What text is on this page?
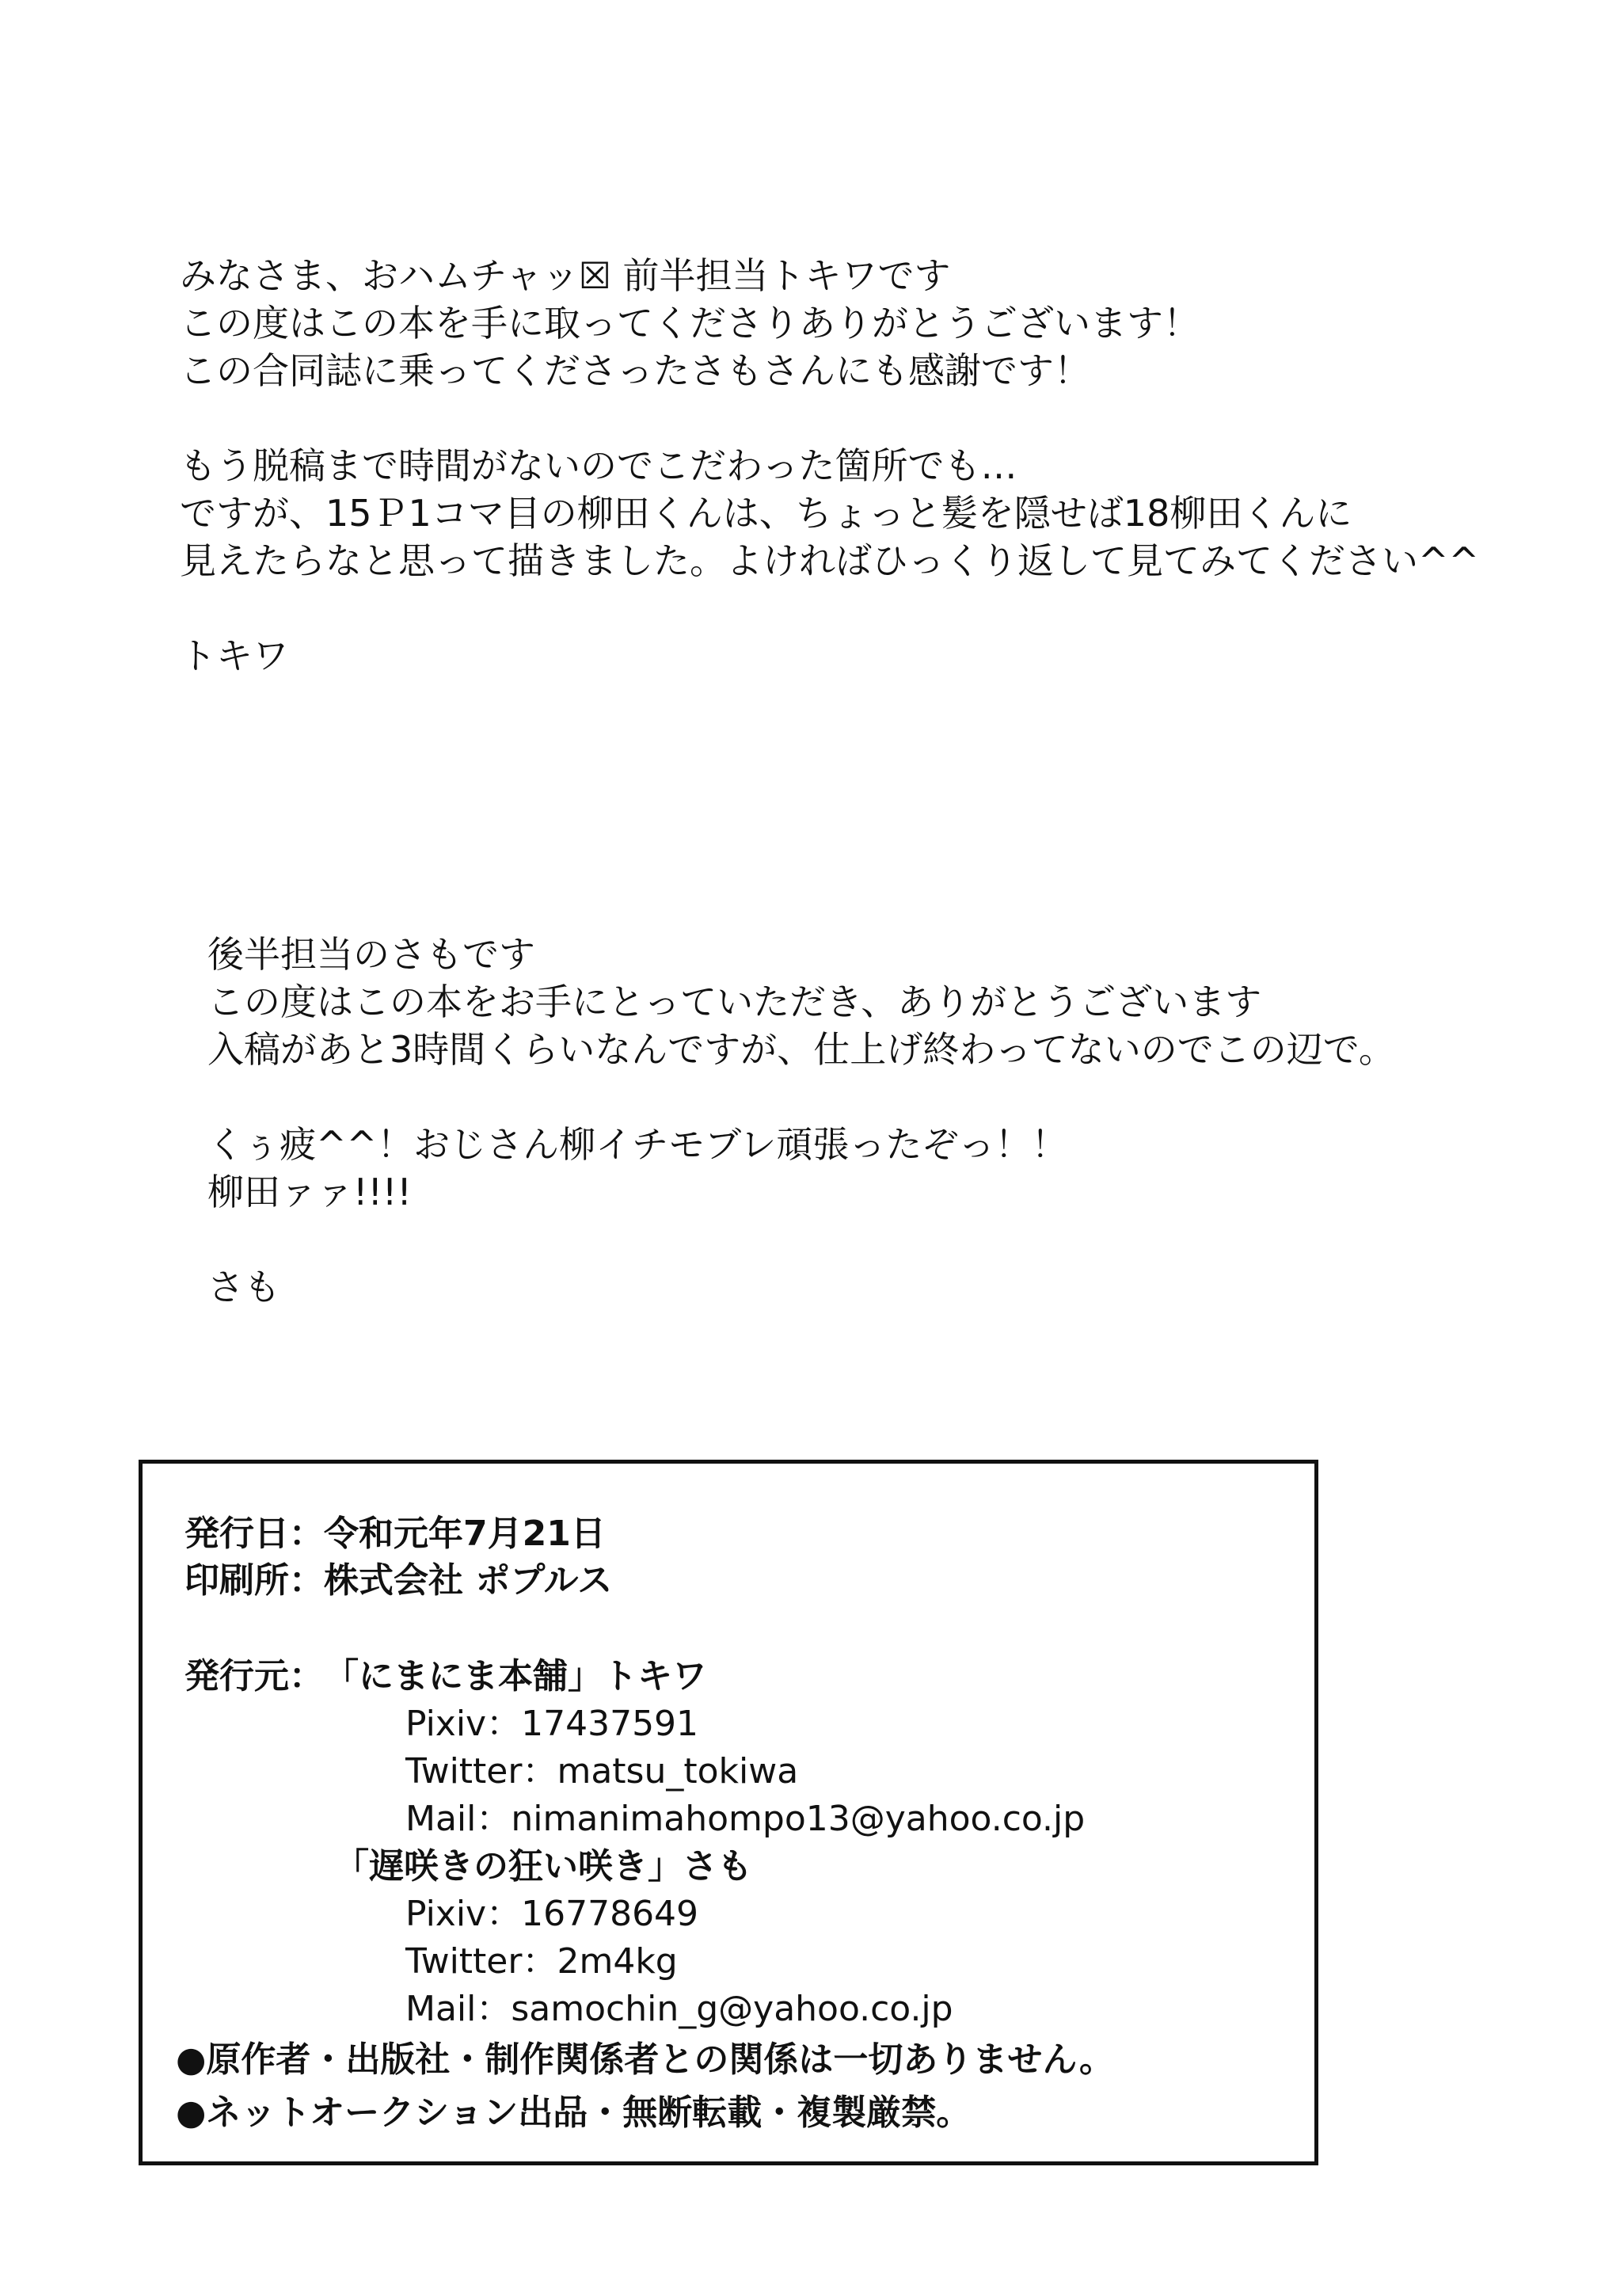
みなさま、おハムチャッ☒ 前半担当トキワです
この度はこの本を手に取ってくださりありがとうございます！
この合同誌に乗ってくださったさもさんにも感謝です！
もう脱稿まで時間がないのでこだわった箇所でも…
ですが、15Ｐ1コマ目の柳田くんは、ちょっと髪を隠せば18柳田くんに
見えたらなと思って描きました。よければひっくり返して見てみてください^^
トキワ
後半担当のさもです
この度はこの本をお手にとっていただき、ありがとうございます
入稿があと3時間くらいなんですが、仕上げ終わってないのでこの辺で。
くぅ疲^^！おじさん柳イチモブレ頑張ったぞっ！！
柳田ァァ!!!!
さも
発行日：令和元年7月21日
印刷所：株式会社 ポプルス
発行元：「にまにま本舗」トキワ
Pixiv：17437591
Twitter：matsu_tokiwa
Mail：nimanimahompo13@yahoo.co.jp
「遅咲きの狂い咲き」さも
Pixiv：16778649
Twitter：2m4kg
Mail：samochin_g@yahoo.co.jp
●原作者・出版社・制作関係者との関係は一切ありません。
●ネットオークション出品・無断転載・複製厳禁。
